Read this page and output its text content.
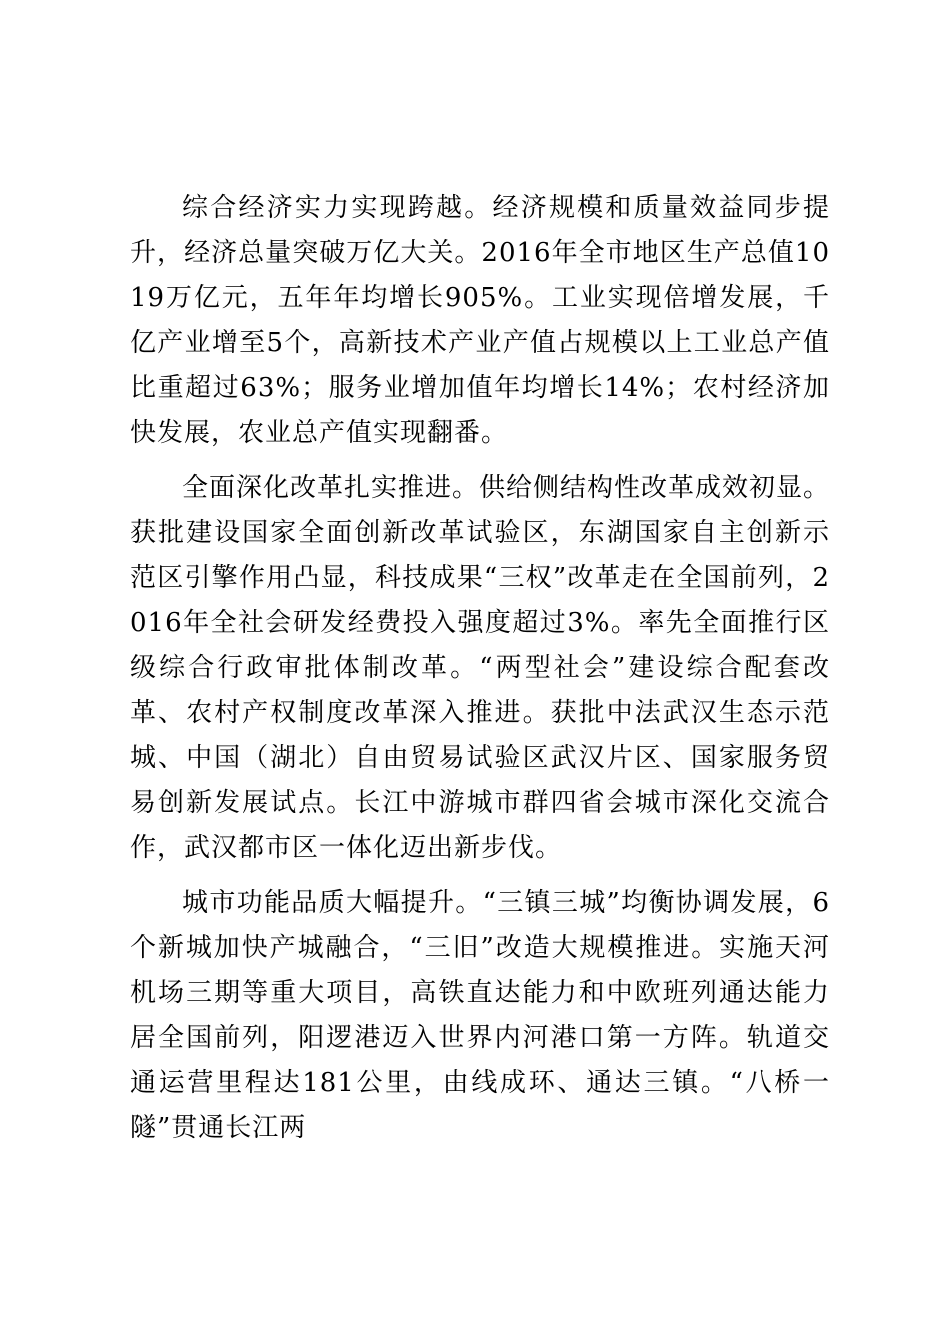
综合经济实力实现跨越。经济规模和质量效益同步提升，经济总量突破万亿大关。2016年全市地区生产总值1019万亿元，五年年均增长905%。工业实现倍增发展，千亿产业增至5个，高新技术产业产值占规模以上工业总产值比重超过63%；服务业增加值年均增长14%；农村经济加快发展，农业总产值实现翻番。

全面深化改革扎实推进。供给侧结构性改革成效初显。获批建设国家全面创新改革试验区，东湖国家自主创新示范区引擎作用凸显，科技成果“三权”改革走在全国前列，2016年全社会研发经费投入强度超过3%。率先全面推行区级综合行政审批体制改革。“两型社会”建设综合配套改革、农村产权制度改革深入推进。获批中法武汉生态示范城、中国（湖北）自由贸易试验区武汉片区、国家服务贸易创新发展试点。长江中游城市群四省会城市深化交流合作，武汉都市区一体化迈出新步伐。

城市功能品质大幅提升。“三镇三城”均衡协调发展，6个新城加快产城融合，“三旧”改造大规模推进。实施天河机场三期等重大项目，高铁直达能力和中欧班列通达能力居全国前列，阳逻港迈入世界内河港口第一方阵。轨道交通运营里程达181公里，由线成环、通达三镇。“八桥一隧”贯通长江两
